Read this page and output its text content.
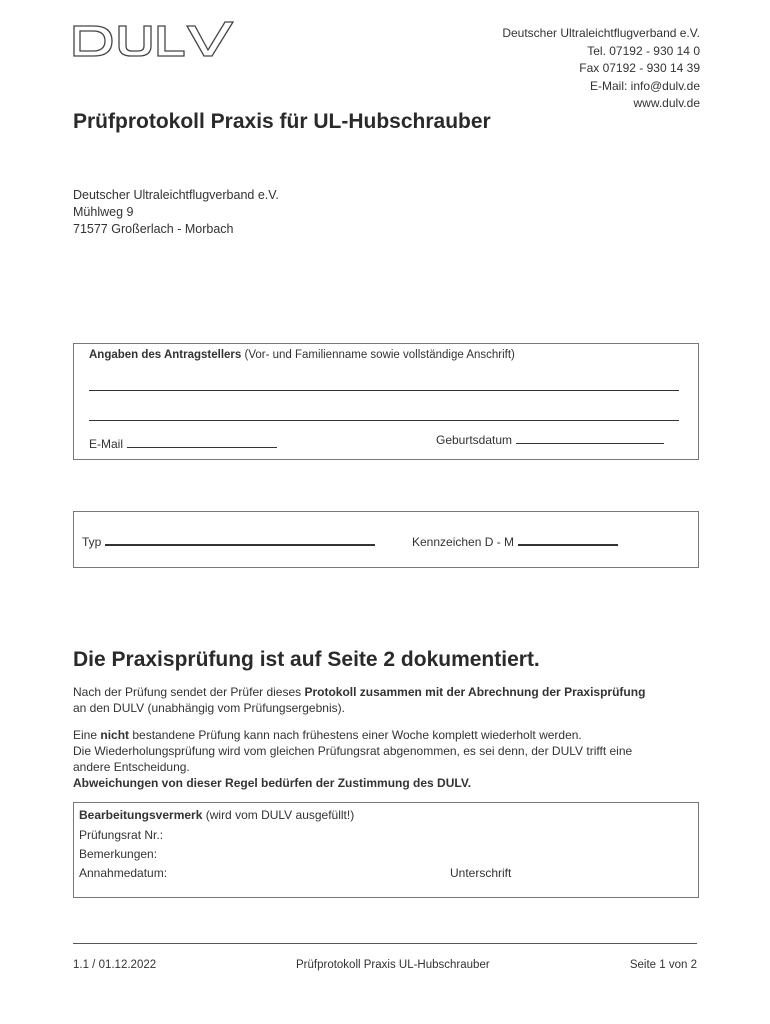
Deutscher Ultraleichtflugverband e.V.
Tel. 07192 - 930 14 0
Fax 07192 - 930 14 39
E-Mail: info@dulv.de
www.dulv.de
Prüfprotokoll Praxis für UL-Hubschrauber
Deutscher Ultraleichtflugverband e.V.
Mühlweg 9
71577 Großerlach - Morbach
Angaben des Antragstellers (Vor- und Familienname sowie vollständige Anschrift)
E-Mail	Geburtsdatum
Typ	Kennzeichen D - M
Die Praxisprüfung ist auf Seite 2 dokumentiert.
Nach der Prüfung sendet der Prüfer dieses Protokoll zusammen mit der Abrechnung der Praxisprüfung
an den DULV (unabhängig vom Prüfungsergebnis).
Eine nicht bestandene Prüfung kann nach frühestens einer Woche komplett wiederholt werden.
Die Wiederholungsprüfung wird vom gleichen Prüfungsrat abgenommen, es sei denn, der DULV trifft eine
andere Entscheidung.
Abweichungen von dieser Regel bedürfen der Zustimmung des DULV.
Bearbeitungsvermerk (wird vom DULV ausgefüllt!)
Prüfungsrat Nr.:
Bemerkungen:
Annahmedatum:	Unterschrift
1.1 / 01.12.2022	Prüfprotokoll Praxis UL-Hubschrauber	Seite 1 von 2
